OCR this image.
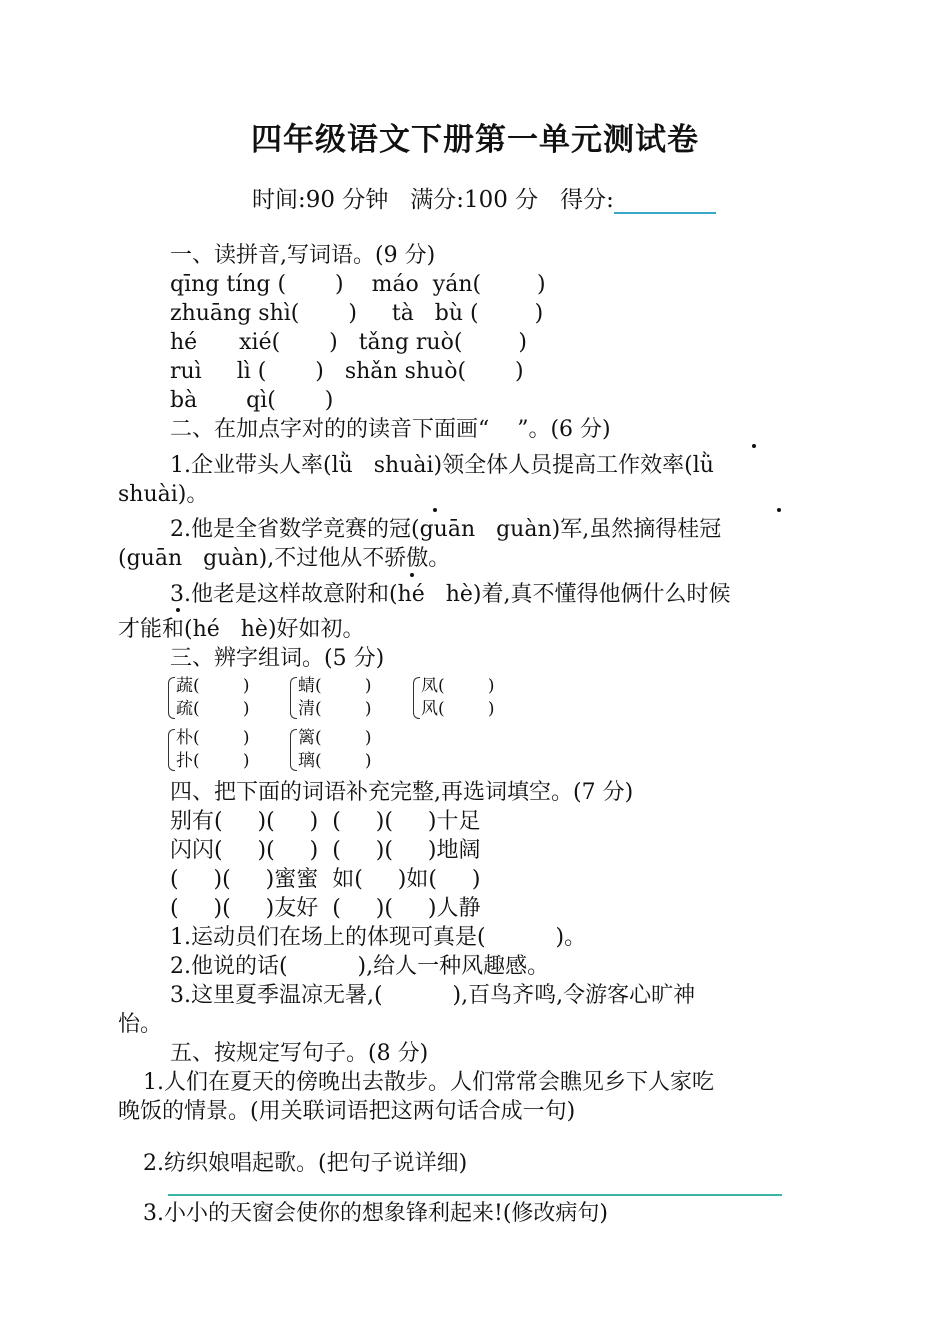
四年级语文下册第一单元测试卷
时间:90 分钟 满分:100 分 得分:
一、读拼音,写词语。(9 分)
qīng tíng (       )    máo  yán(        )
zhuāng shì(       )     tà   bù (        )
hé      xié(       )   tǎng ruò(        )
ruì     lì (       )   shǎn shuò(       )
bà       qì(       )
二、在加点字对的的读音下面画“    ”。(6 分)
1.企业带头人率(lǜ   shuài)领全体人员提高工作效率(lǜ
shuài)。
2.他是全省数学竞赛的冠(guān   guàn)军,虽然摘得桂冠
(guān   guàn),不过他从不骄傲。
3.他老是这样故意附和(hé   hè)着,真不懂得他俩什么时候
才能和(hé   hè)好如初。
三、辨字组词。(5 分)
蔬(        )
疏(        )
蜻(        )
清(        )
凤(        )
风(        )
朴(        )
扑(        )
篱(        )
璃(        )
四、把下面的词语补充完整,再选词填空。(7 分)
别有(     )(     )  (     )(     )十足
闪闪(     )(     )  (     )(     )地阔
(     )(     )蜜蜜  如(     )如(     )
(     )(     )友好  (     )(     )人静
1.运动员们在场上的体现可真是(          )。
2.他说的话(          ),给人一种风趣感。
3.这里夏季温凉无暑,(          ),百鸟齐鸣,令游客心旷神
怡。
五、按规定写句子。(8 分)
1.人们在夏天的傍晚出去散步。人们常常会瞧见乡下人家吃
晚饭的情景。(用关联词语把这两句话合成一句)
2.纺织娘唱起歌。(把句子说详细)
3.小小的天窗会使你的想象锋利起来!(修改病句)
